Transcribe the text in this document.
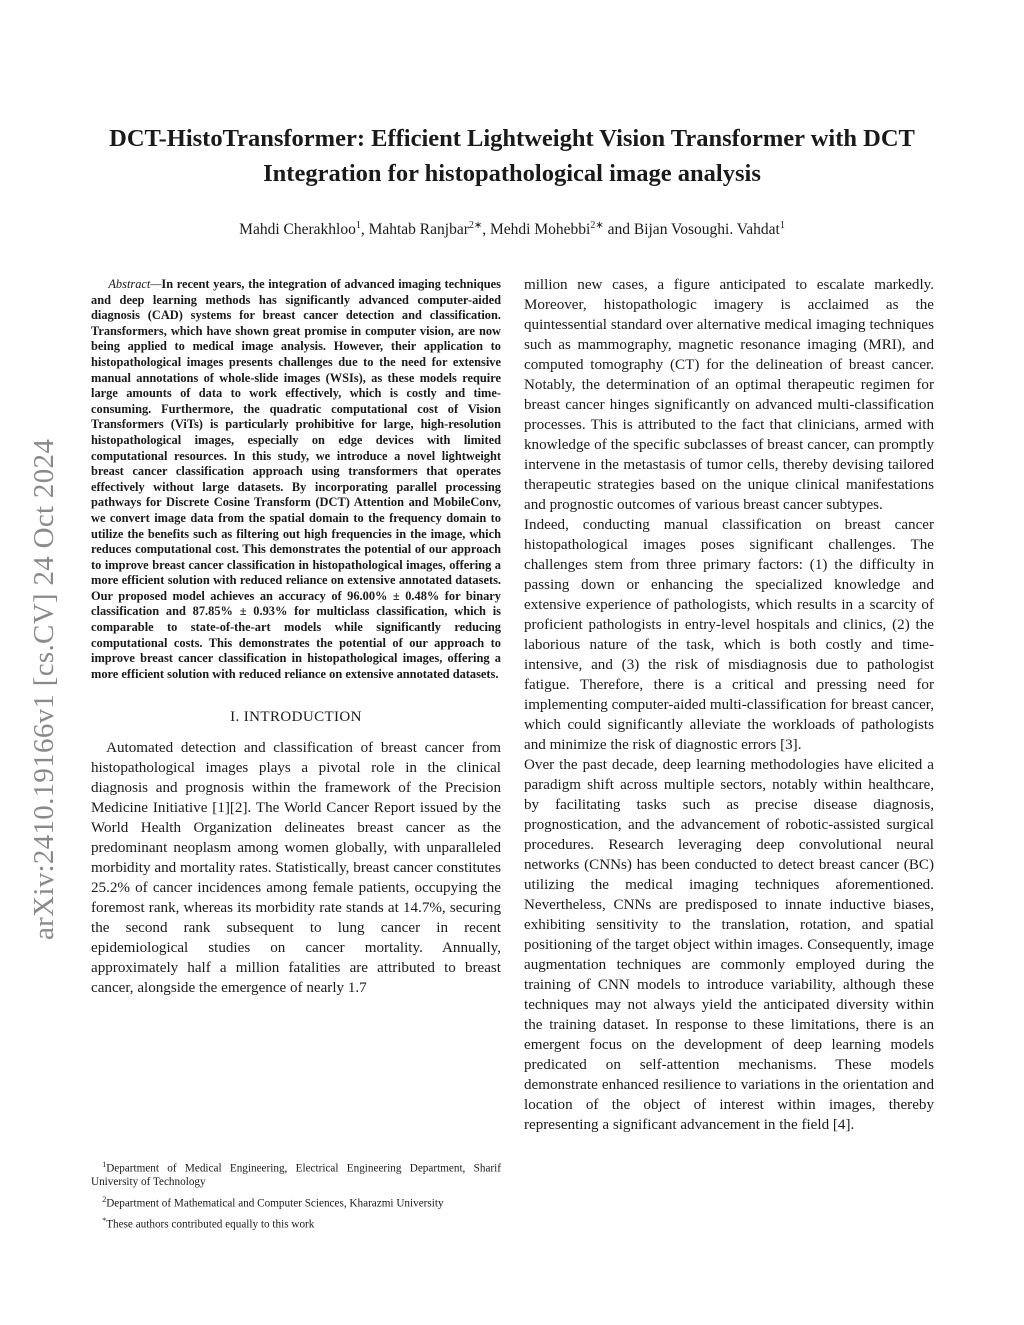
arXiv:2410.19166v1 [cs.CV] 24 Oct 2024
DCT-HistoTransformer: Efficient Lightweight Vision Transformer with DCT Integration for histopathological image analysis
Mahdi Cherakhloo$^1$, Mahtab Ranjbar$^{2∗}$, Mehdi Mohebbi$^{2∗}$ and Bijan Vosoughi. Vahdat$^1$

Abstract—In recent years, the integration of advanced imaging techniques and deep learning methods has significantly advanced computer-aided diagnosis (CAD) systems for breast cancer detection and classification. Transformers, which have shown great promise in computer vision, are now being applied to medical image analysis. However, their application to histopathological images presents challenges due to the need for extensive manual annotations of whole-slide images (WSIs), as these models require large amounts of data to work effectively, which is costly and time-consuming. Furthermore, the quadratic computational cost of Vision Transformers (ViTs) is particularly prohibitive for large, high-resolution histopathological images, especially on edge devices with limited computational resources. In this study, we introduce a novel lightweight breast cancer classification approach using transformers that operates effectively without large datasets. By incorporating parallel processing pathways for Discrete Cosine Transform (DCT) Attention and MobileConv, we convert image data from the spatial domain to the frequency domain to utilize the benefits such as filtering out high frequencies in the image, which reduces computational cost. This demonstrates the potential of our approach to improve breast cancer classification in histopathological images, offering a more efficient solution with reduced reliance on extensive annotated datasets. Our proposed model achieves an accuracy of 96.00% ± 0.48% for binary classification and 87.85% ± 0.93% for multiclass classification, which is comparable to state-of-the-art models while significantly reducing computational costs. This demonstrates the potential of our approach to improve breast cancer classification in histopathological images, offering a more efficient solution with reduced reliance on extensive annotated datasets.

I. INTRODUCTION

Automated detection and classification of breast cancer from histopathological images plays a pivotal role in the clinical diagnosis and prognosis within the framework of the Precision Medicine Initiative [1][2]. The World Cancer Report issued by the World Health Organization delineates breast cancer as the predominant neoplasm among women globally, with unparalleled morbidity and mortality rates. Statistically, breast cancer constitutes 25.2% of cancer incidences among female patients, occupying the foremost rank, whereas its morbidity rate stands at 14.7%, securing the second rank subsequent to lung cancer in recent epidemiological studies on cancer mortality. Annually, approximately half a million fatalities are attributed to breast cancer, alongside the emergence of nearly 1.7

$^1$Department of Medical Engineering, Electrical Engineering Department, Sharif University of Technology

$^2$Department of Mathematical and Computer Sciences, Kharazmi University

*These authors contributed equally to this work

million new cases, a figure anticipated to escalate markedly. Moreover, histopathologic imagery is acclaimed as the quintessential standard over alternative medical imaging techniques such as mammography, magnetic resonance imaging (MRI), and computed tomography (CT) for the delineation of breast cancer. Notably, the determination of an optimal therapeutic regimen for breast cancer hinges significantly on advanced multi-classification processes. This is attributed to the fact that clinicians, armed with knowledge of the specific subclasses of breast cancer, can promptly intervene in the metastasis of tumor cells, thereby devising tailored therapeutic strategies based on the unique clinical manifestations and prognostic outcomes of various breast cancer subtypes.

Indeed, conducting manual classification on breast cancer histopathological images poses significant challenges. The challenges stem from three primary factors: (1) the difficulty in passing down or enhancing the specialized knowledge and extensive experience of pathologists, which results in a scarcity of proficient pathologists in entry-level hospitals and clinics, (2) the laborious nature of the task, which is both costly and time-intensive, and (3) the risk of misdiagnosis due to pathologist fatigue. Therefore, there is a critical and pressing need for implementing computer-aided multi-classification for breast cancer, which could significantly alleviate the workloads of pathologists and minimize the risk of diagnostic errors [3].

Over the past decade, deep learning methodologies have elicited a paradigm shift across multiple sectors, notably within healthcare, by facilitating tasks such as precise disease diagnosis, prognostication, and the advancement of robotic-assisted surgical procedures. Research leveraging deep convolutional neural networks (CNNs) has been conducted to detect breast cancer (BC) utilizing the medical imaging techniques aforementioned. Nevertheless, CNNs are predisposed to innate inductive biases, exhibiting sensitivity to the translation, rotation, and spatial positioning of the target object within images. Consequently, image augmentation techniques are commonly employed during the training of CNN models to introduce variability, although these techniques may not always yield the anticipated diversity within the training dataset. In response to these limitations, there is an emergent focus on the development of deep learning models predicated on self-attention mechanisms. These models demonstrate enhanced resilience to variations in the orientation and location of the object of interest within images, thereby representing a significant advancement in the field [4].
